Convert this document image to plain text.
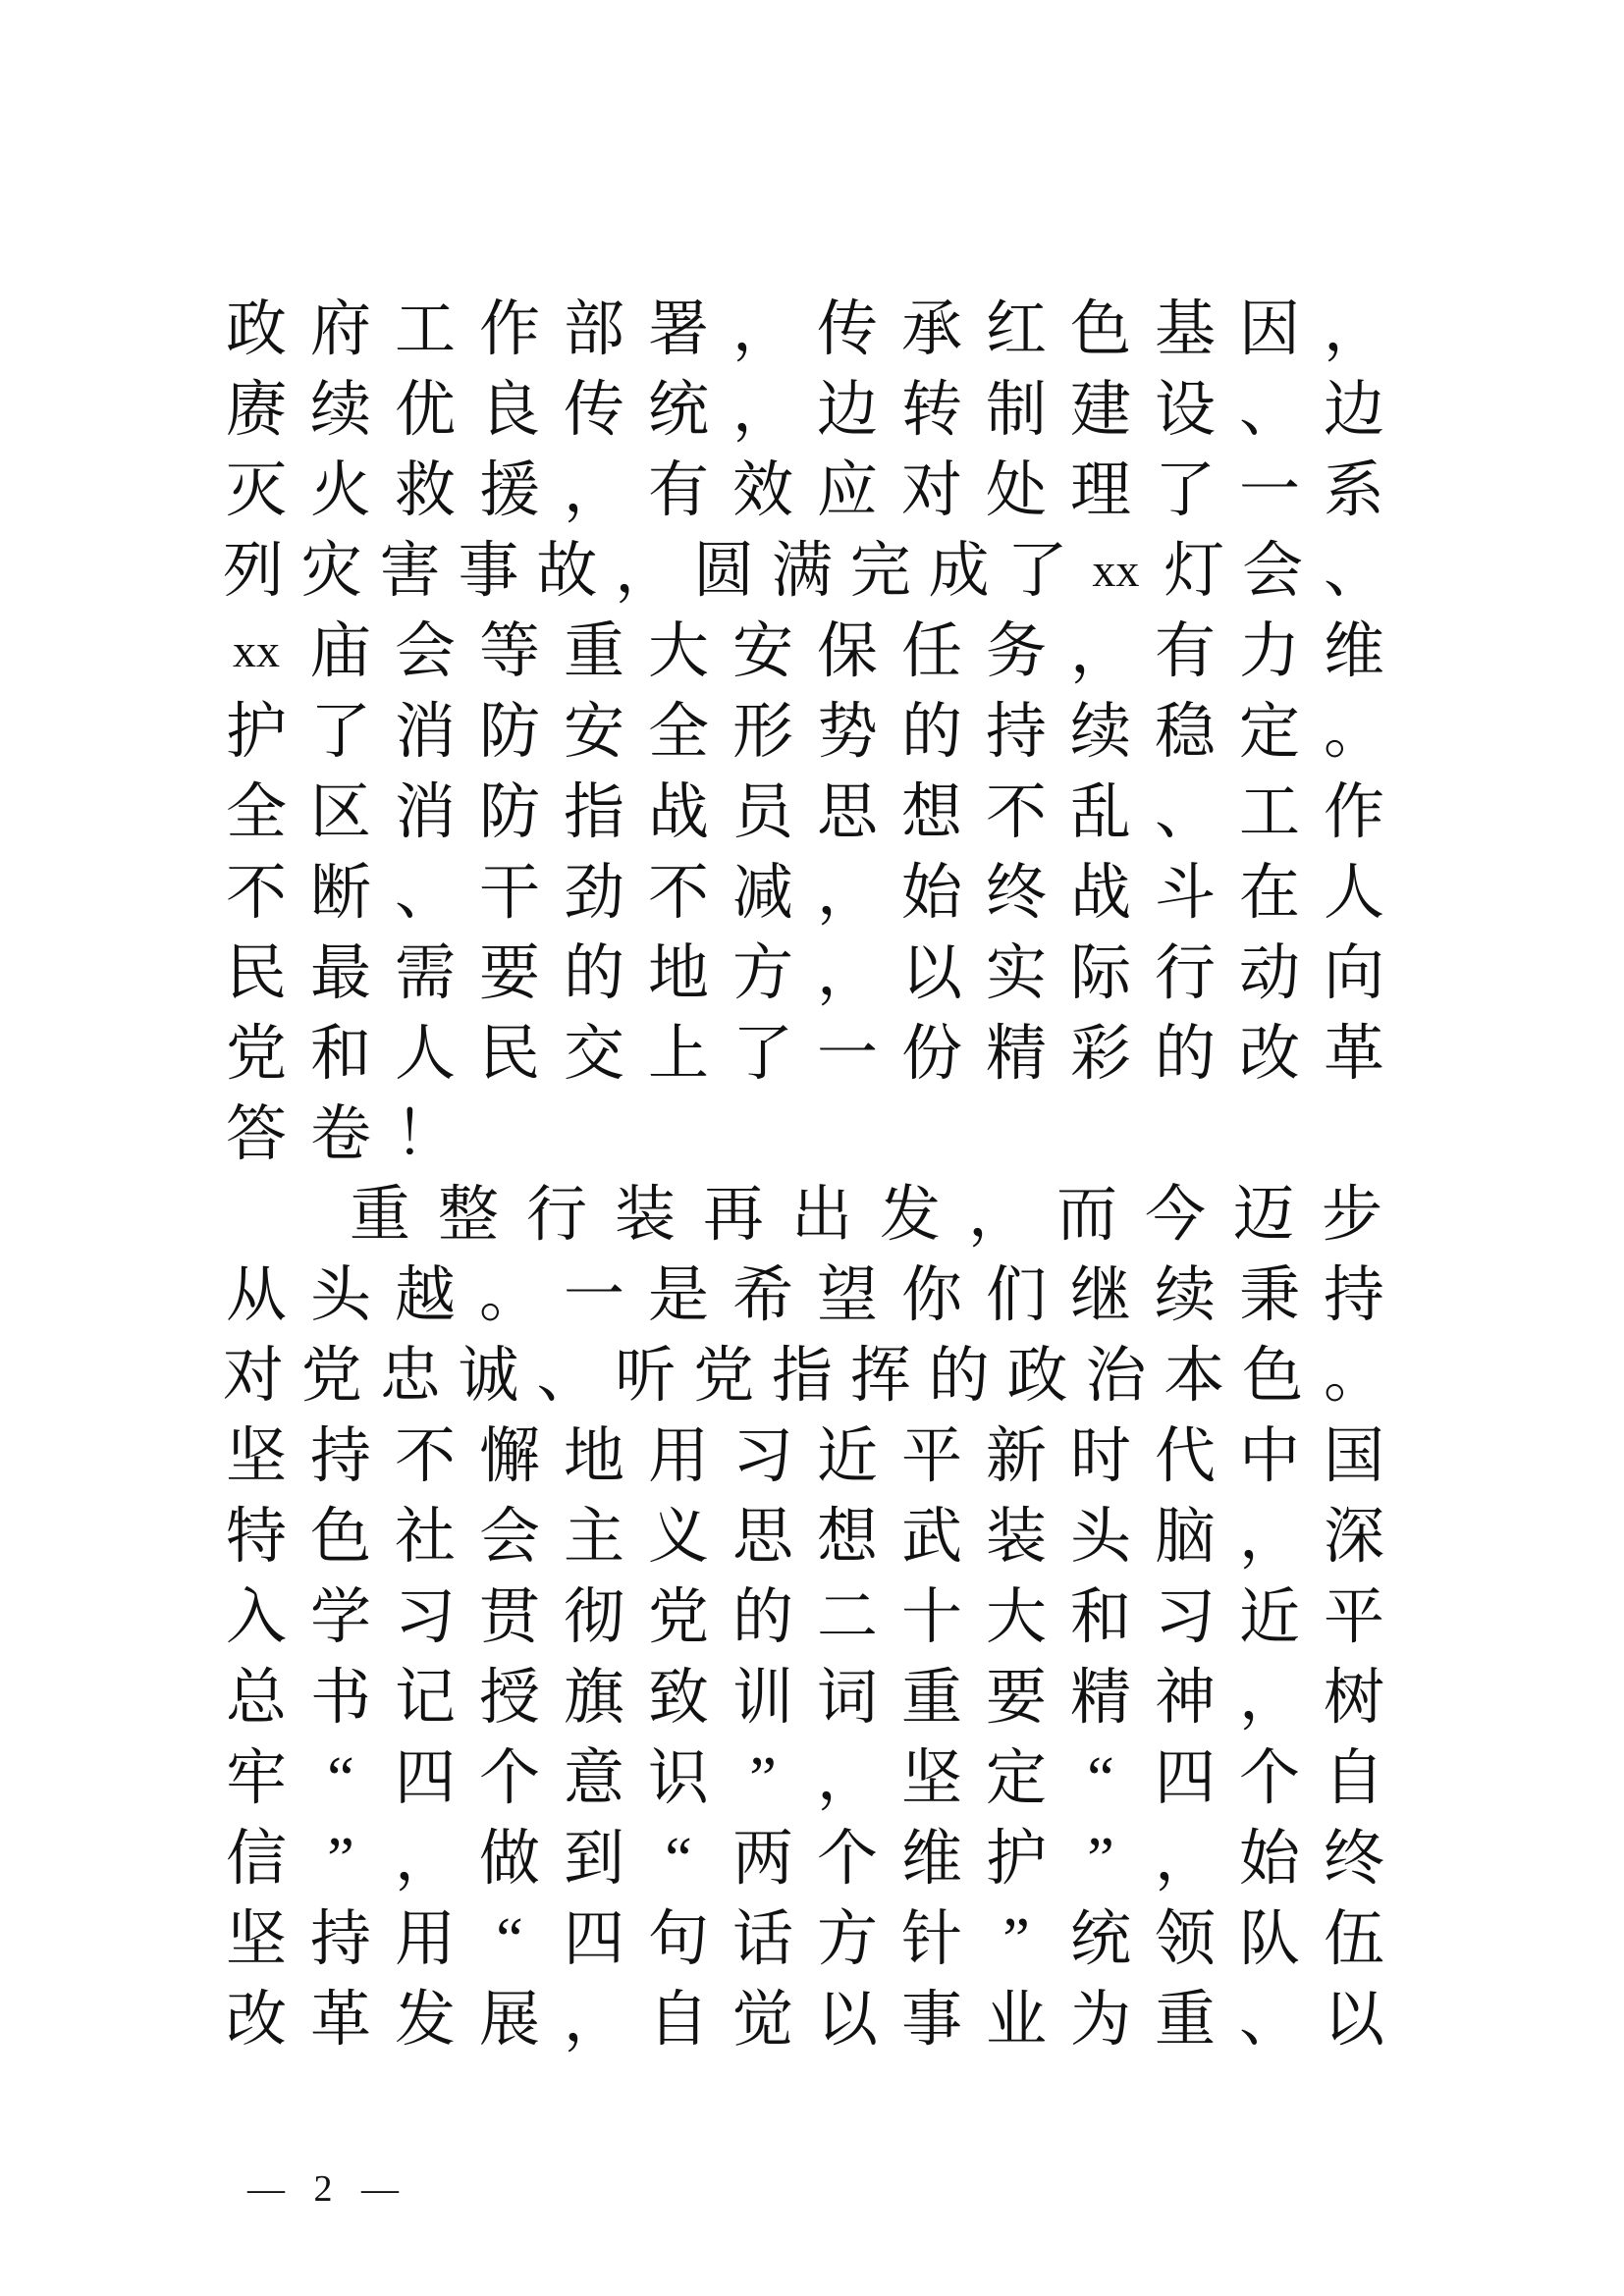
政 府 工 作 部 署 ， 传 承 红 色 基 因 ，
赓 续 优 良 传 统 ， 边 转 制 建 设 、 边
灭 火 救 援 ， 有 效 应 对 处 理 了 一 系
列 灾 害 事 故 ， 圆 满 完 成 了 xx 灯 会 、
xx 庙 会 等 重 大 安 保 任 务 ， 有 力 维
护 了 消 防 安 全 形 势 的 持 续 稳 定 。
全 区 消 防 指 战 员 思 想 不 乱 、 工 作
不 断 、 干 劲 不 减 ， 始 终 战 斗 在 人
民 最 需 要 的 地 方 ， 以 实 际 行 动 向
党 和 人 民 交 上 了 一 份 精 彩 的 改 革
答 卷 ！
重 整 行 装 再 出 发 ， 而 今 迈 步
从 头 越 。 一 是 希 望 你 们 继 续 秉 持
对 党 忠 诚 、 听 党 指 挥 的 政 治 本 色 。
坚 持 不 懈 地 用 习 近 平 新 时 代 中 国
特 色 社 会 主 义 思 想 武 装 头 脑 ， 深
入 学 习 贯 彻 党 的 二 十 大 和 习 近 平
总 书 记 授 旗 致 训 词 重 要 精 神 ， 树
牢 “ 四 个 意 识 ” ， 坚 定 “ 四 个 自
信 ” ， 做 到 “ 两 个 维 护 ” ， 始 终
坚 持 用 “ 四 句 话 方 针 ” 统 领 队 伍
改 革 发 展 ， 自 觉 以 事 业 为 重 、 以
— 2 —
